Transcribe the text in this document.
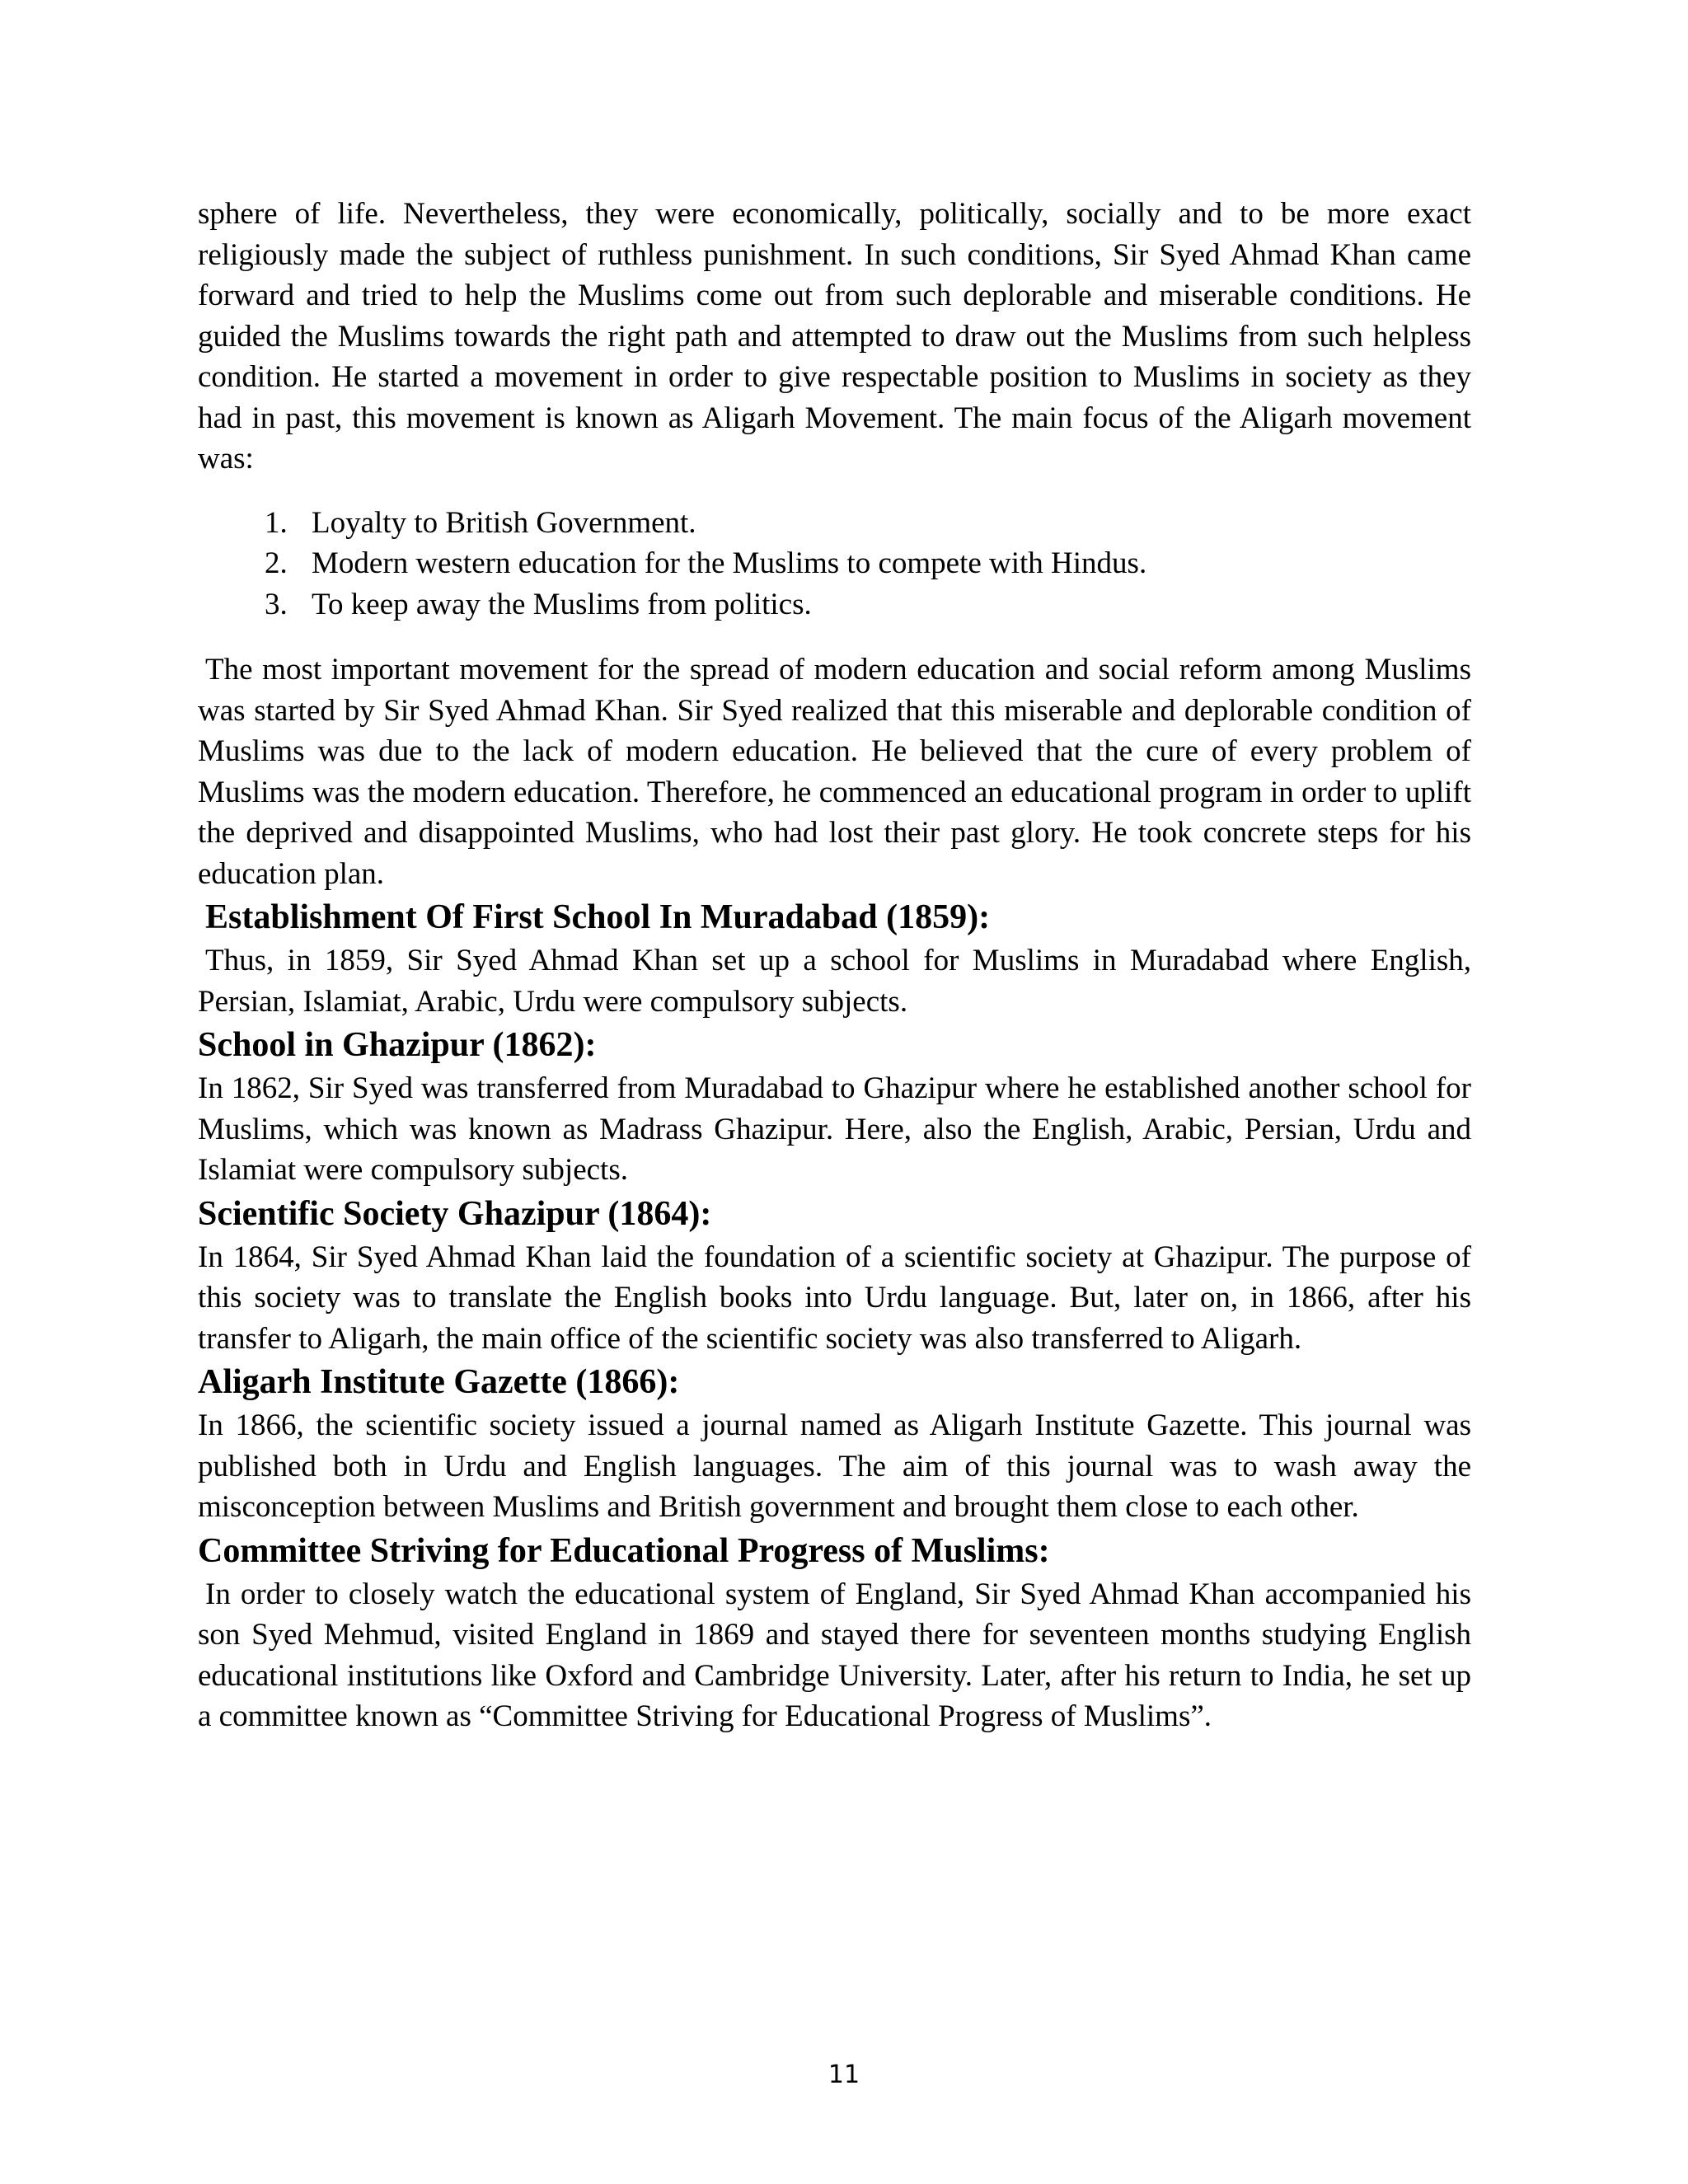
sphere of life. Nevertheless, they were economically, politically, socially and to be more exact religiously made the subject of ruthless punishment. In such conditions, Sir Syed Ahmad Khan came forward and tried to help the Muslims come out from such deplorable and miserable conditions. He guided the Muslims towards the right path and attempted to draw out the Muslims from such helpless condition. He started a movement in order to give respectable position to Muslims in society as they had in past, this movement is known as Aligarh Movement. The main focus of the Aligarh movement was:

1. Loyalty to British Government.
2. Modern western education for the Muslims to compete with Hindus.
3. To keep away the Muslims from politics.

The most important movement for the spread of modern education and social reform among Muslims was started by Sir Syed Ahmad Khan. Sir Syed realized that this miserable and deplorable condition of Muslims was due to the lack of modern education. He believed that the cure of every problem of Muslims was the modern education. Therefore, he commenced an educational program in order to uplift the deprived and disappointed Muslims, who had lost their past glory. He took concrete steps for his education plan.

Establishment Of First School In Muradabad (1859):

Thus, in 1859, Sir Syed Ahmad Khan set up a school for Muslims in Muradabad where English, Persian, Islamiat, Arabic, Urdu were compulsory subjects.

School in Ghazipur (1862):

In 1862, Sir Syed was transferred from Muradabad to Ghazipur where he established another school for Muslims, which was known as Madrass Ghazipur. Here, also the English, Arabic, Persian, Urdu and Islamiat were compulsory subjects.

Scientific Society Ghazipur (1864):

In 1864, Sir Syed Ahmad Khan laid the foundation of a scientific society at Ghazipur. The purpose of this society was to translate the English books into Urdu language. But, later on, in 1866, after his transfer to Aligarh, the main office of the scientific society was also transferred to Aligarh.

Aligarh Institute Gazette (1866):

In 1866, the scientific society issued a journal named as Aligarh Institute Gazette. This journal was published both in Urdu and English languages. The aim of this journal was to wash away the misconception between Muslims and British government and brought them close to each other.

Committee Striving for Educational Progress of Muslims:

In order to closely watch the educational system of England, Sir Syed Ahmad Khan accompanied his son Syed Mehmud, visited England in 1869 and stayed there for seventeen months studying English educational institutions like Oxford and Cambridge University. Later, after his return to India, he set up a committee known as “Committee Striving for Educational Progress of Muslims”.

11
